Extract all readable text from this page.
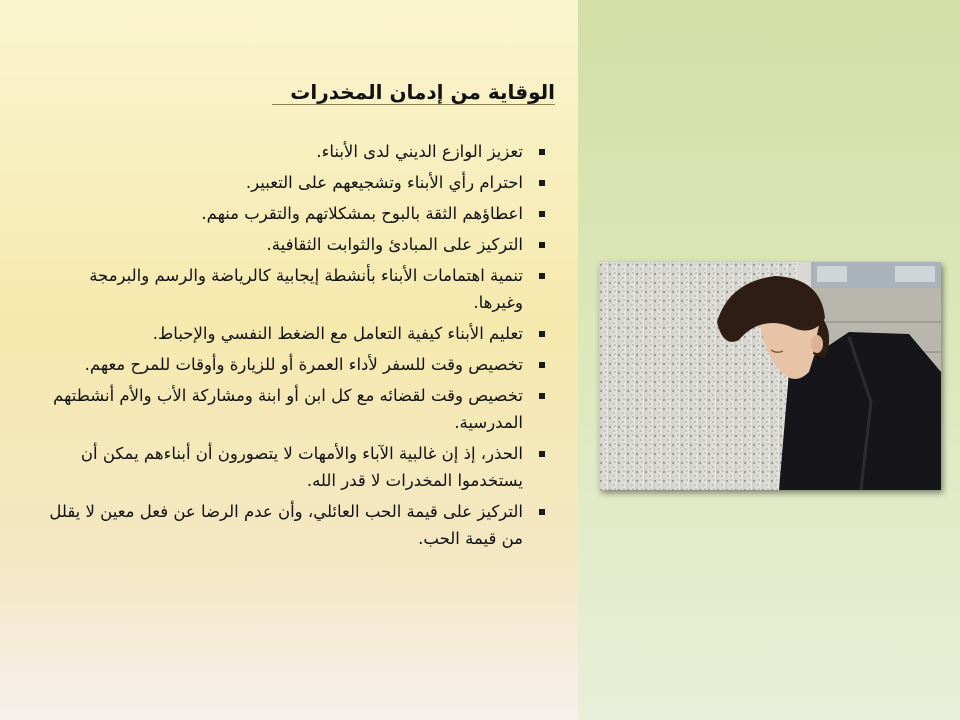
الوقاية من إدمان المخدرات
تعزيز الوازع الديني لدى الأبناء.
احترام رأي الأبناء وتشجيعهم على التعبير.
اعطاؤهم الثقة بالبوح بمشكلاتهم والتقرب منهم.
التركيز على المبادئ والثوابت الثقافية.
تنمية اهتمامات الأبناء بأنشطة إيجابية كالرياضة والرسم والبرمجة وغيرها.
تعليم الأبناء كيفية التعامل مع الضغط النفسي والإحباط.
تخصيص وقت للسفر لأداء العمرة أو للزيارة وأوقات للمرح معهم.
تخصيص وقت لقضائه مع كل ابن أو ابنة ومشاركة الأب والأم أنشطتهم المدرسية.
الحذر، إذ إن غالبية الآباء والأمهات لا يتصورون أن أبناءهم يمكن أن يستخدموا المخدرات لا قدر الله.
التركيز على قيمة الحب العائلي، وأن عدم الرضا عن فعل معين لا يقلل من قيمة الحب.
